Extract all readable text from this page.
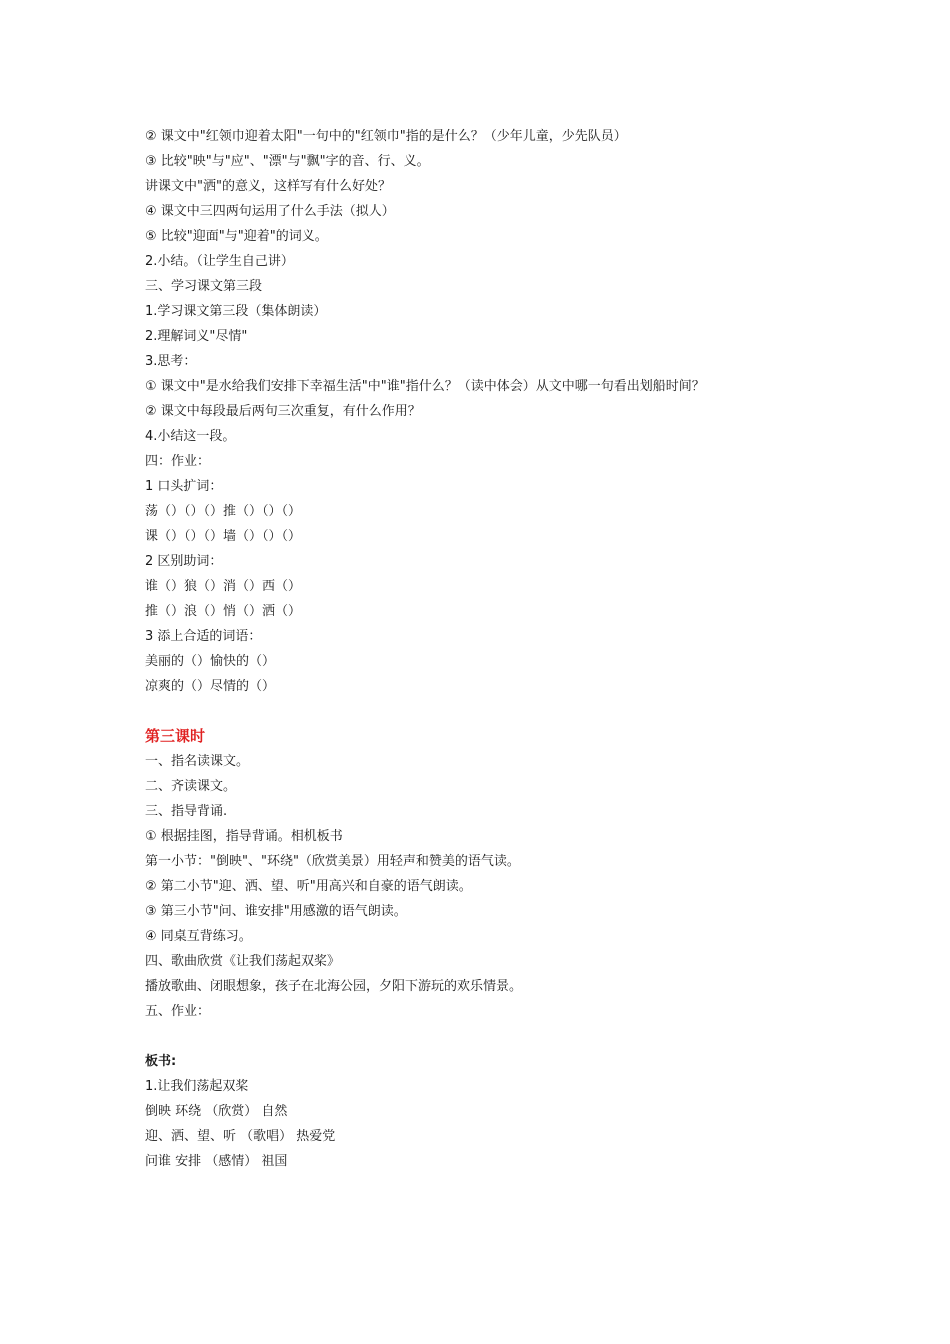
② 课文中"红领巾迎着太阳"一句中的"红领巾"指的是什么？（少年儿童，少先队员）
③ 比较"映"与"应"、"漂"与"飘"字的音、行、义。
讲课文中"洒"的意义，这样写有什么好处？
④ 课文中三四两句运用了什么手法（拟人）
⑤ 比较"迎面"与"迎着"的词义。
2.小结。（让学生自己讲）
三、学习课文第三段
1.学习课文第三段（集体朗读）
2.理解词义"尽情"
3.思考：
① 课文中"是水给我们安排下幸福生活"中"谁"指什么？（读中体会）从文中哪一句看出划船时间？
② 课文中每段最后两句三次重复，有什么作用？
4.小结这一段。
四：作业：
1 口头扩词：
荡（）（）（）推（）（）（）
课（）（）（）墙（）（）（）
2 区别助词：
谁（）狼（）消（）西（）
推（）浪（）悄（）洒（）
3 添上合适的词语：
美丽的（）愉快的（）
凉爽的（）尽情的（）
第三课时
一、指名读课文。
二、齐读课文。
三、指导背诵.
① 根据挂图，指导背诵。相机板书
第一小节："倒映"、"环绕"（欣赏美景）用轻声和赞美的语气读。
② 第二小节"迎、洒、望、听"用高兴和自豪的语气朗读。
③ 第三小节"问、谁安排"用感激的语气朗读。
④ 同桌互背练习。
四、歌曲欣赏《让我们荡起双桨》
播放歌曲、闭眼想象，孩子在北海公园，夕阳下游玩的欢乐情景。
五、作业：
板书:
1.让我们荡起双桨
倒映 环绕 （欣赏） 自然
迎、洒、望、听 （歌唱） 热爱党
问谁 安排 （感情） 祖国
